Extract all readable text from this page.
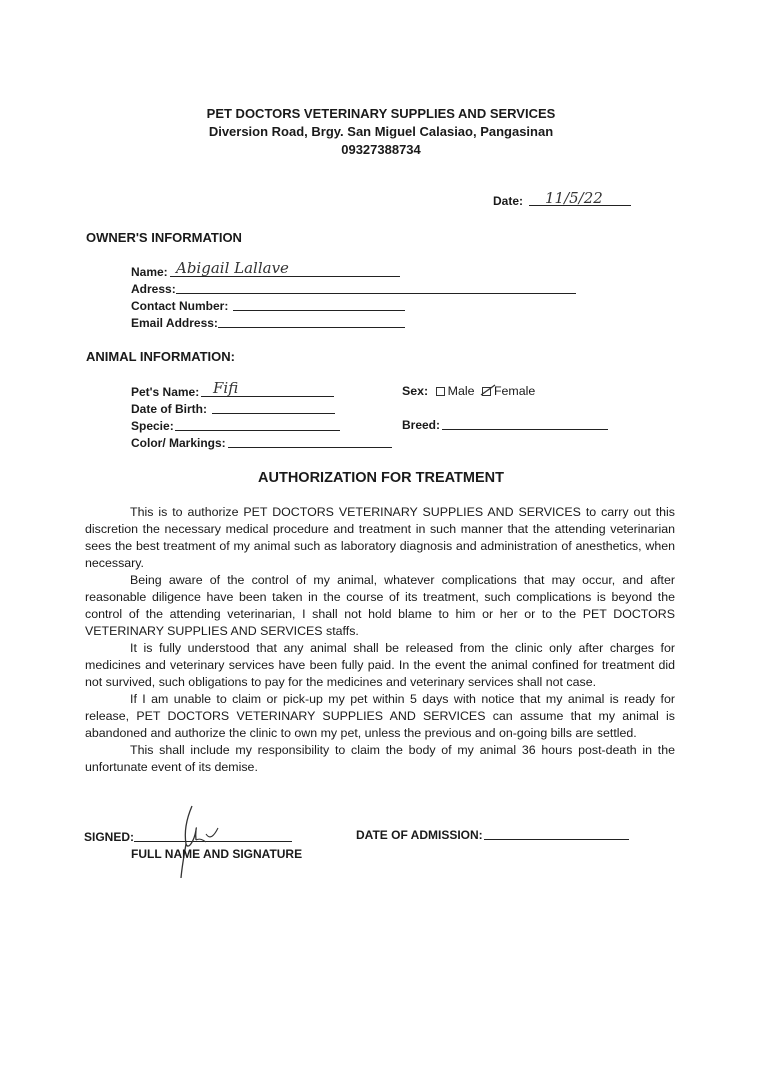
PET DOCTORS VETERINARY SUPPLIES AND SERVICES
Diversion Road, Brgy. San Miguel Calasiao, Pangasinan
09327388734
Date: 11/5/22
OWNER'S INFORMATION
Name: Abigail Lallave
Adress:
Contact Number:
Email Address:
ANIMAL INFORMATION:
Pet's Name: Fifi	Sex: Male Female
Date of Birth:
Specie:	Breed:
Color/ Markings:
AUTHORIZATION FOR TREATMENT

This is to authorize PET DOCTORS VETERINARY SUPPLIES AND SERVICES to carry out this discretion the necessary medical procedure and treatment in such manner that the attending veterinarian sees the best treatment of my animal such as laboratory diagnosis and administration of anesthetics, when necessary.

Being aware of the control of my animal, whatever complications that may occur, and after reasonable diligence have been taken in the course of its treatment, such complications is beyond the control of the attending veterinarian, I shall not hold blame to him or her or to the PET DOCTORS VETERINARY SUPPLIES AND SERVICES staffs.

It is fully understood that any animal shall be released from the clinic only after charges for medicines and veterinary services have been fully paid. In the event the animal confined for treatment did not survived, such obligations to pay for the medicines and veterinary services shall not case.

If I am unable to claim or pick-up my pet within 5 days with notice that my animal is ready for release, PET DOCTORS VETERINARY SUPPLIES AND SERVICES can assume that my animal is abandoned and authorize the clinic to own my pet, unless the previous and on-going bills are settled.

This shall include my responsibility to claim the body of my animal 36 hours post-death in the unfortunate event of its demise.

SIGNED:
FULL NAME AND SIGNATURE
DATE OF ADMISSION:
